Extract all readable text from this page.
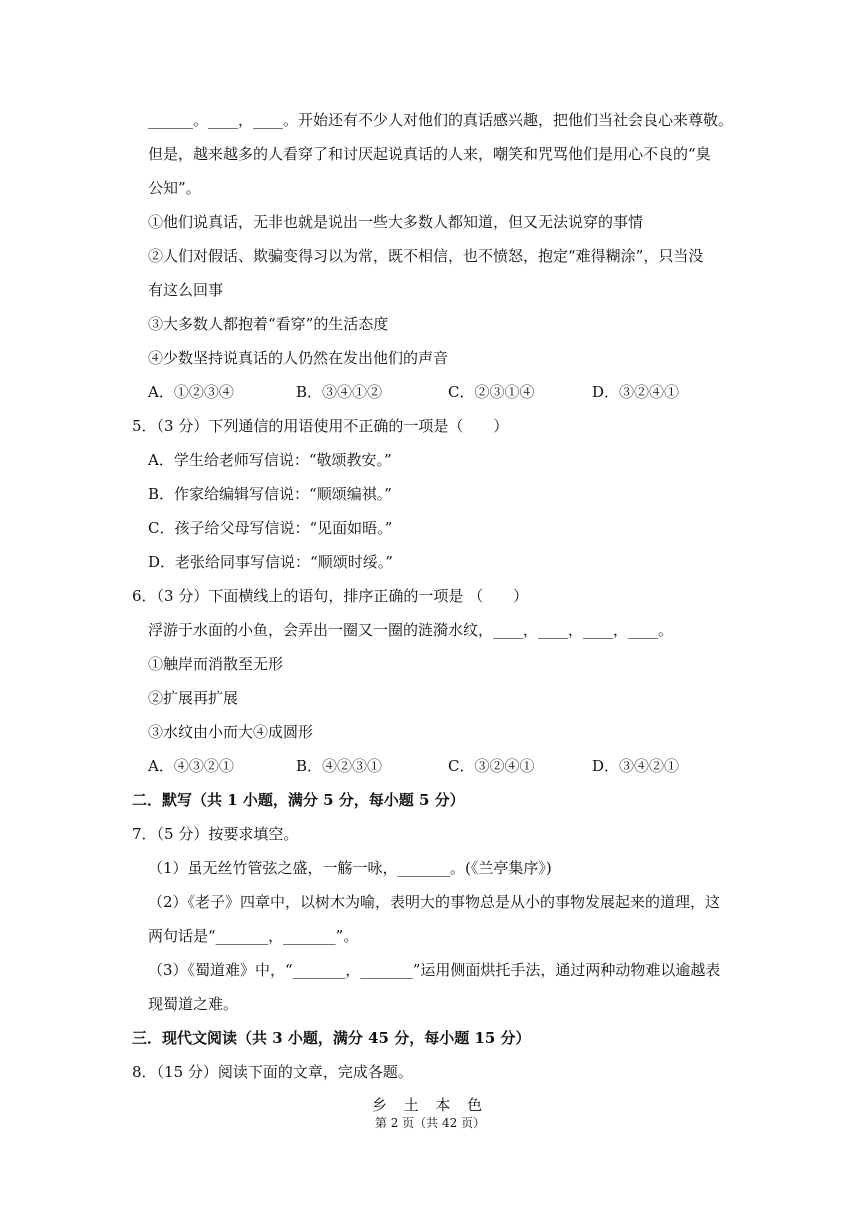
______。____，____。开始还有不少人对他们的真话感兴趣，把他们当社会良心来尊敬。
但是，越来越多的人看穿了和讨厌起说真话的人来，嘲笑和咒骂他们是用心不良的“臭
公知”。
①他们说真话，无非也就是说出一些大多数人都知道，但又无法说穿的事情
②人们对假话、欺骗变得习以为常，既不相信，也不愤怒，抱定“难得糊涂”，只当没
有这么回事
③大多数人都抱着“看穿”的生活态度
④少数坚持说真话的人仍然在发出他们的声音
A．①②③④	B．③④①②	C．②③①④	D．③②④①
5．（3 分）下列通信的用语使用不正确的一项是（　　）
A．学生给老师写信说：“敬颂教安。”
B．作家给编辑写信说：“顺颂编祺。”
C．孩子给父母写信说：“见面如晤。”
D．老张给同事写信说：“顺颂时绥。”
6．（3 分）下面横线上的语句，排序正确的一项是 （　　）
浮游于水面的小鱼，会弄出一圈又一圈的涟漪水纹，____，____，____，____。
①触岸而消散至无形
②扩展再扩展
③水纹由小而大④成圆形
A．④③②①	B．④②③①	C．③②④①	D．③④②①
二．默写（共 1 小题，满分 5 分，每小题 5 分）
7．（5 分）按要求填空。
（1）虽无丝竹管弦之盛，一觞一咏，_______。(《兰亭集序》)
（2）《老子》四章中，以树木为喻，表明大的事物总是从小的事物发展起来的道理，这
两句话是“_______，_______”。
（3）《蜀道难》中，“_______，_______”运用侧面烘托手法，通过两种动物难以逾越表
现蜀道之难。
三．现代文阅读（共 3 小题，满分 45 分，每小题 15 分）
8．（15 分）阅读下面的文章，完成各题。
乡 土 本 色
第 2 页（共 42 页）
